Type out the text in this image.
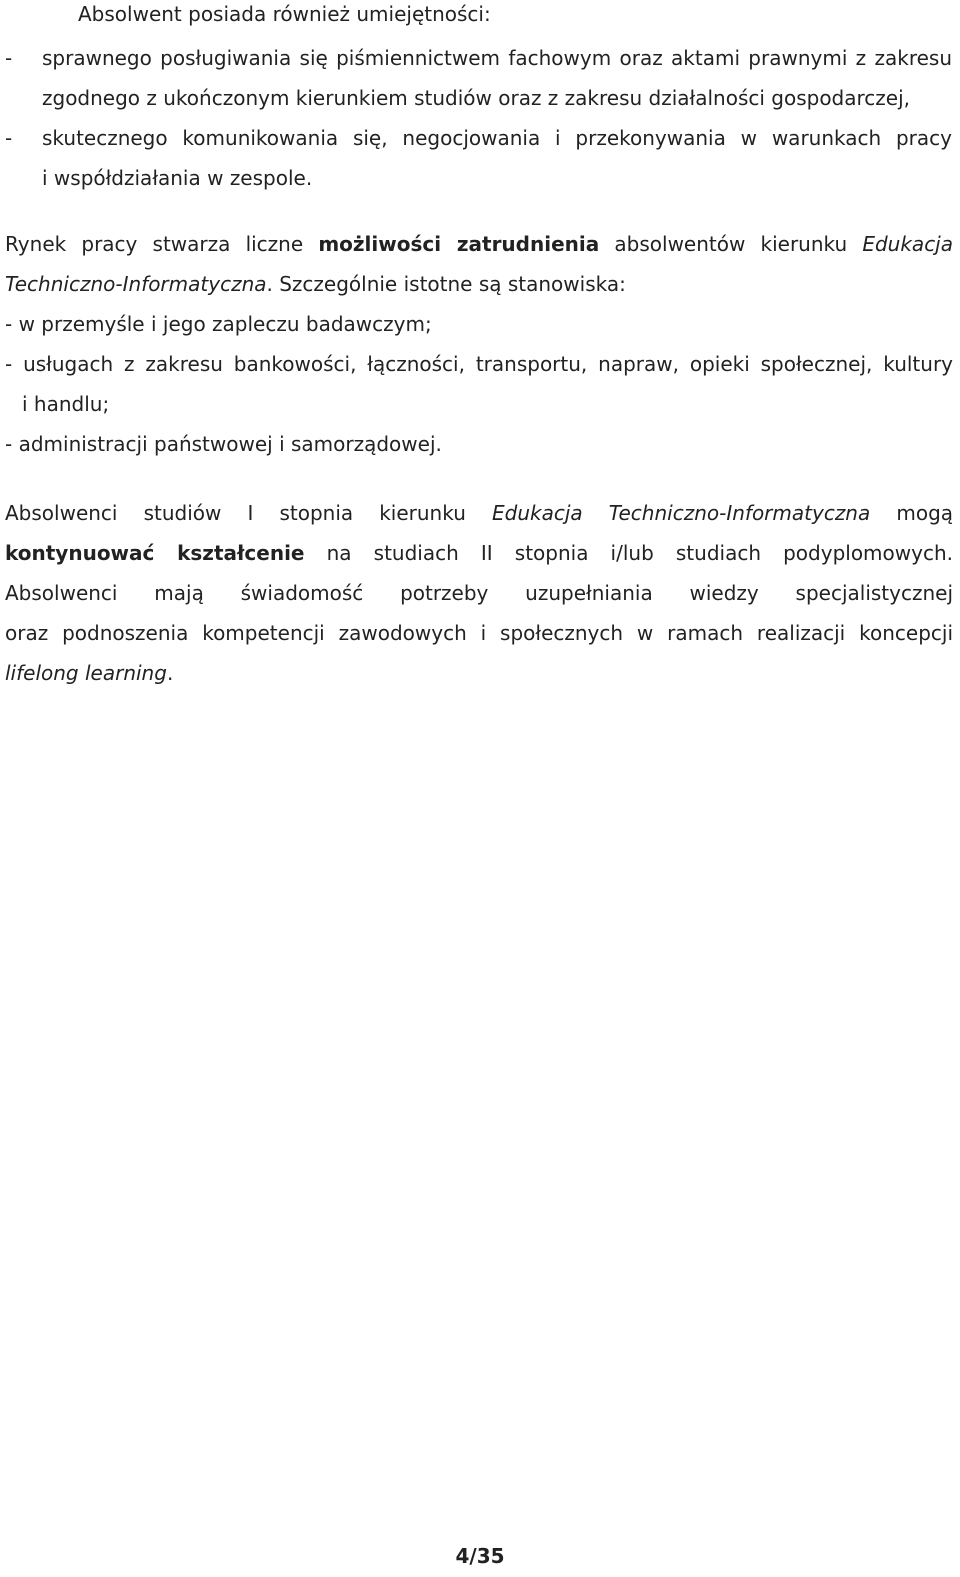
Absolwent posiada również umiejętności:

- sprawnego posługiwania się piśmiennictwem fachowym oraz aktami prawnymi z zakresu

zgodnego z ukończonym kierunkiem studiów oraz z zakresu działalności gospodarczej,

- skutecznego komunikowania się, negocjowania i przekonywania w warunkach pracy

i współdziałania w zespole.

Rynek pracy stwarza liczne możliwości zatrudnienia absolwentów kierunku Edukacja

Techniczno-Informatyczna. Szczególnie istotne są stanowiska:

- w przemyśle i jego zapleczu badawczym;

- usługach z zakresu bankowości, łączności, transportu, napraw, opieki społecznej, kultury

i handlu;

- administracji państwowej i samorządowej.

Absolwenci studiów I stopnia kierunku Edukacja Techniczno-Informatyczna mogą

kontynuować kształcenie na studiach II stopnia i/lub studiach podyplomowych.

Absolwenci mają świadomość potrzeby uzupełniania wiedzy specjalistycznej

oraz podnoszenia kompetencji zawodowych i społecznych w ramach realizacji koncepcji

lifelong learning.

4/35
